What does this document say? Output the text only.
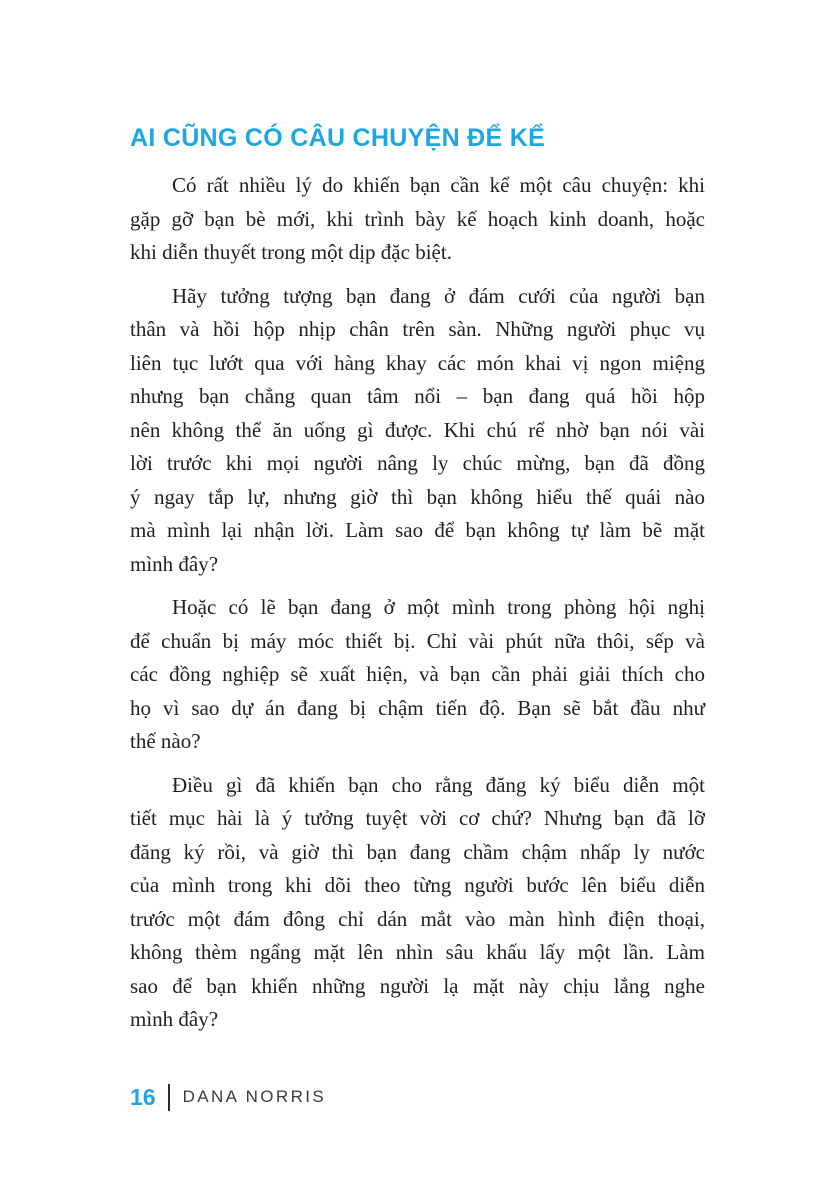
AI CŨNG CÓ CÂU CHUYỆN ĐỂ KỂ
Có rất nhiều lý do khiến bạn cần kể một câu chuyện: khi
gặp gỡ bạn bè mới, khi trình bày kế hoạch kinh doanh, hoặc
khi diễn thuyết trong một dịp đặc biệt.
Hãy tưởng tượng bạn đang ở đám cưới của người bạn
thân và hồi hộp nhịp chân trên sàn. Những người phục vụ
liên tục lướt qua với hàng khay các món khai vị ngon miệng
nhưng bạn chẳng quan tâm nổi – bạn đang quá hồi hộp
nên không thể ăn uống gì được. Khi chú rể nhờ bạn nói vài
lời trước khi mọi người nâng ly chúc mừng, bạn đã đồng
ý ngay tắp lự, nhưng giờ thì bạn không hiểu thế quái nào
mà mình lại nhận lời. Làm sao để bạn không tự làm bẽ mặt
mình đây?
Hoặc có lẽ bạn đang ở một mình trong phòng hội nghị
để chuẩn bị máy móc thiết bị. Chỉ vài phút nữa thôi, sếp và
các đồng nghiệp sẽ xuất hiện, và bạn cần phải giải thích cho
họ vì sao dự án đang bị chậm tiến độ. Bạn sẽ bắt đầu như
thế nào?
Điều gì đã khiến bạn cho rằng đăng ký biểu diễn một
tiết mục hài là ý tưởng tuyệt vời cơ chứ? Nhưng bạn đã lỡ
đăng ký rồi, và giờ thì bạn đang chầm chậm nhấp ly nước
của mình trong khi dõi theo từng người bước lên biểu diễn
trước một đám đông chỉ dán mắt vào màn hình điện thoại,
không thèm ngẩng mặt lên nhìn sâu khấu lấy một lần. Làm
sao để bạn khiến những người lạ mặt này chịu lắng nghe
mình đây?
16 DANA NORRIS
